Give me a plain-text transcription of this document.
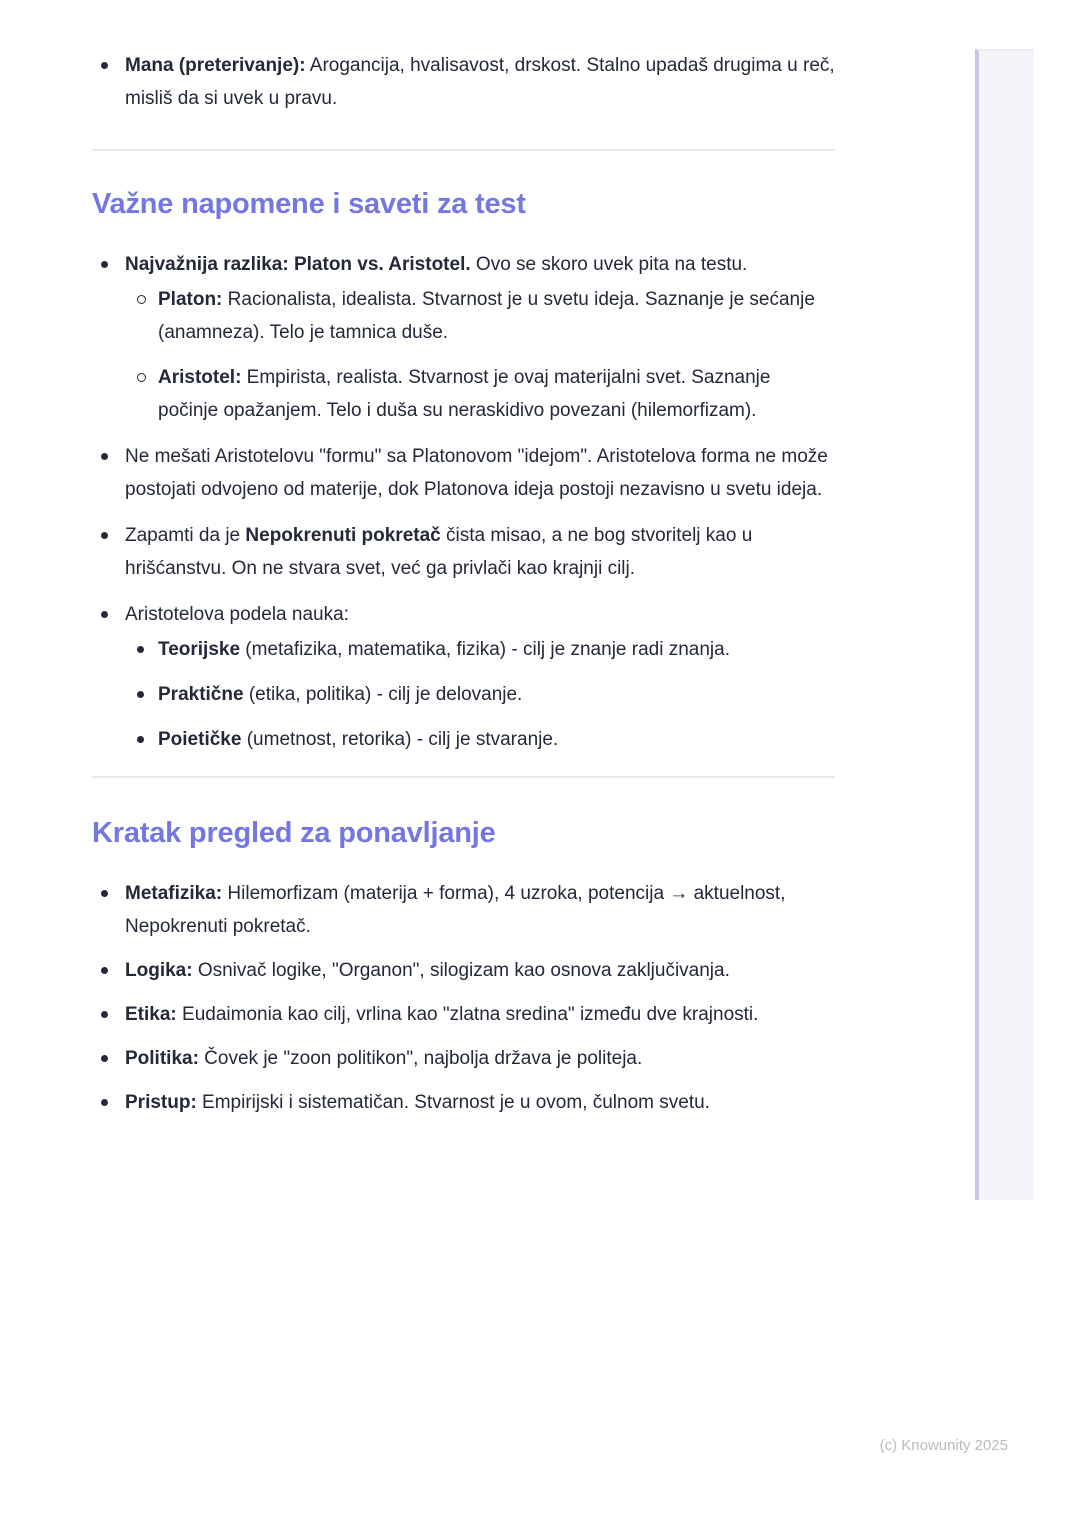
Mana (preterivanje): Arogancija, hvalisavost, drskost. Stalno upadaš drugima u reč, misliš da si uvek u pravu.

Važne napomene i saveti za test

Najvažnija razlika: Platon vs. Aristotel. Ovo se skoro uvek pita na testu.

Platon: Racionalista, idealista. Stvarnost je u svetu ideja. Saznanje je sećanje (anamneza). Telo je tamnica duše.

Aristotel: Empirista, realista. Stvarnost je ovaj materijalni svet. Saznanje počinje opažanjem. Telo i duša su neraskidivo povezani (hilemorfizam).

Ne mešati Aristotelovu "formu" sa Platonovom "idejom". Aristotelova forma ne može postojati odvojeno od materije, dok Platonova ideja postoji nezavisno u svetu ideja.

Zapamti da je Nepokrenuti pokretač čista misao, a ne bog stvoritelj kao u hrišćanstvu. On ne stvara svet, već ga privlači kao krajnji cilj.

Aristotelova podela nauka:

Teorijske (metafizika, matematika, fizika) - cilj je znanje radi znanja.

Praktične (etika, politika) - cilj je delovanje.

Poietičke (umetnost, retorika) - cilj je stvaranje.

Kratak pregled za ponavljanje

Metafizika: Hilemorfizam (materija + forma), 4 uzroka, potencija → aktuelnost, Nepokrenuti pokretač.

Logika: Osnivač logike, "Organon", silogizam kao osnova zaključivanja.

Etika: Eudaimonia kao cilj, vrlina kao "zlatna sredina" između dve krajnosti.

Politika: Čovek je "zoon politikon", najbolja država je politeja.

Pristup: Empirijski i sistematičan. Stvarnost je u ovom, čulnom svetu.

(c) Knowunity 2025
